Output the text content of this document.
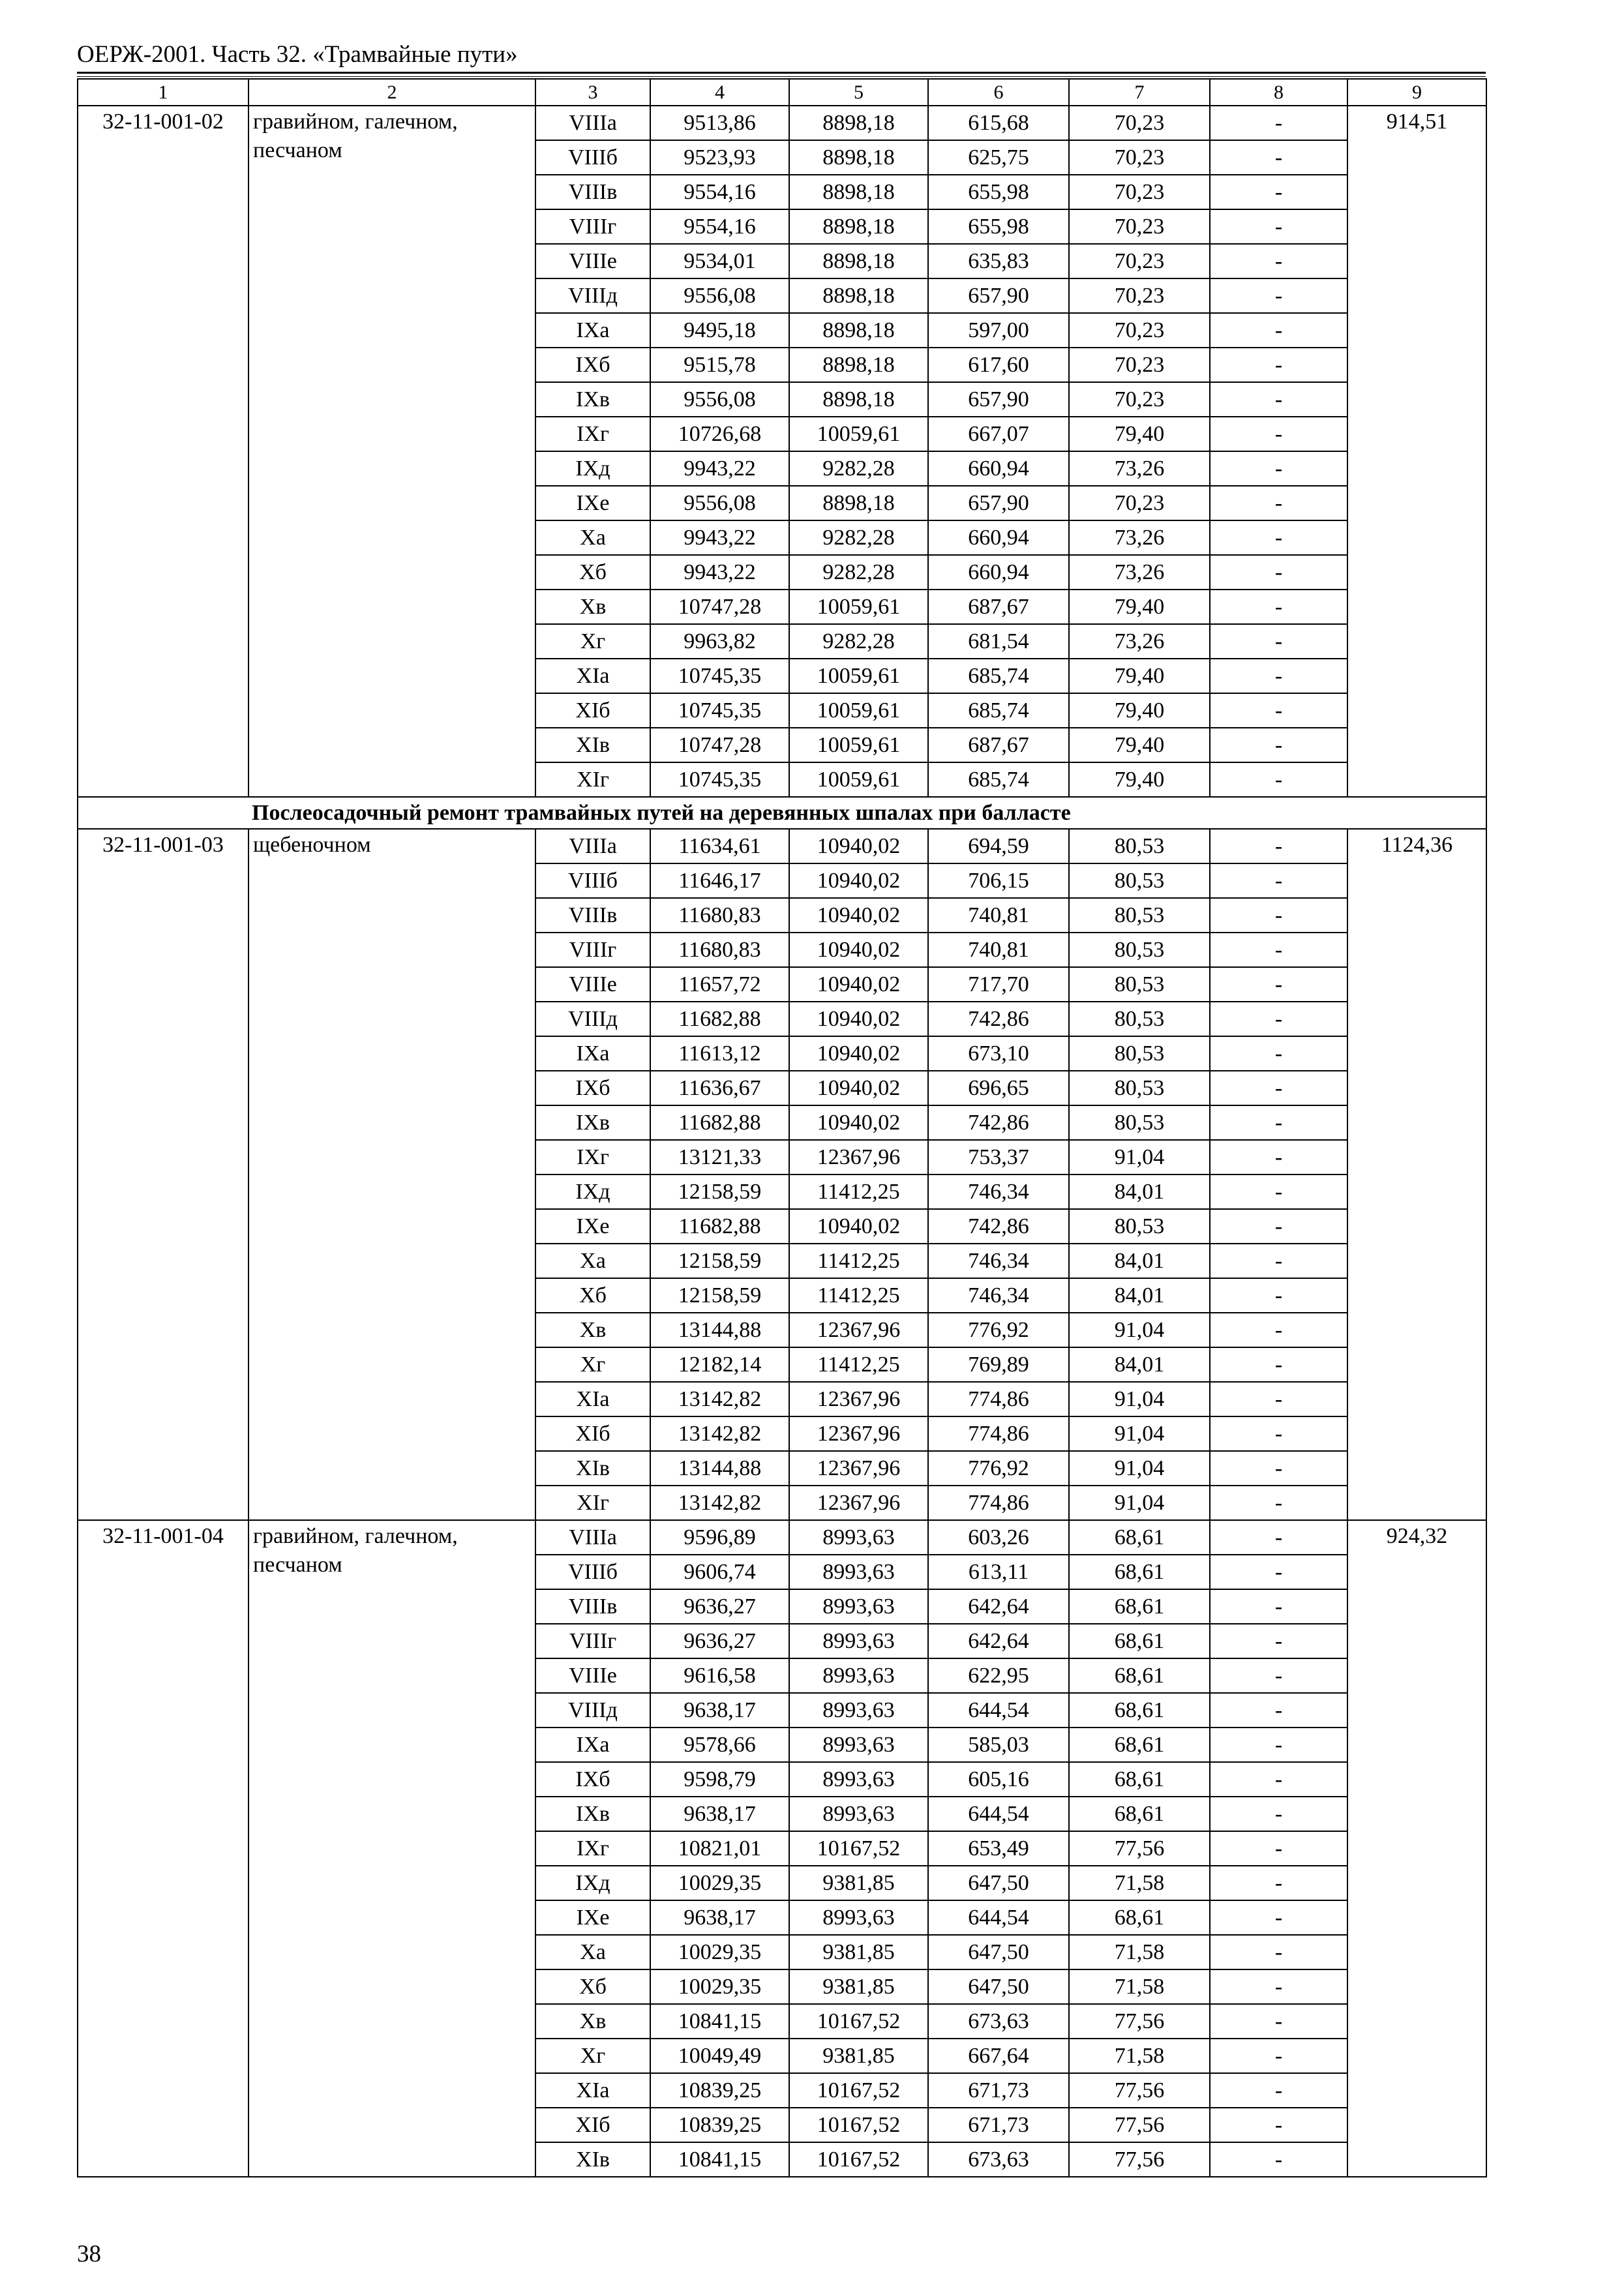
ОЕРЖ-2001. Часть 32. «Трамвайные пути»
1	2	3	4	5	6	7	8	9
32-11-001-02	гравийном, галечном, песчаном	VIIIа	9513,86	8898,18	615,68	70,23	-	914,51
		VIIIб	9523,93	8898,18	625,75	70,23	-	
		VIIIв	9554,16	8898,18	655,98	70,23	-	
		VIIIг	9554,16	8898,18	655,98	70,23	-	
		VIIIе	9534,01	8898,18	635,83	70,23	-	
		VIIIд	9556,08	8898,18	657,90	70,23	-	
		IXа	9495,18	8898,18	597,00	70,23	-	
		IXб	9515,78	8898,18	617,60	70,23	-	
		IXв	9556,08	8898,18	657,90	70,23	-	
		IXг	10726,68	10059,61	667,07	79,40	-	
		IXд	9943,22	9282,28	660,94	73,26	-	
		IXе	9556,08	8898,18	657,90	70,23	-	
		Xа	9943,22	9282,28	660,94	73,26	-	
		Xб	9943,22	9282,28	660,94	73,26	-	
		Xв	10747,28	10059,61	687,67	79,40	-	
		Xг	9963,82	9282,28	681,54	73,26	-	
		XIа	10745,35	10059,61	685,74	79,40	-	
		XIб	10745,35	10059,61	685,74	79,40	-	
		XIв	10747,28	10059,61	687,67	79,40	-	
		XIг	10745,35	10059,61	685,74	79,40	-	
Послеосадочный ремонт трамвайных путей на деревянных шпалах при балласте								
32-11-001-03	щебеночном	VIIIа	11634,61	10940,02	694,59	80,53	-	1124,36
		VIIIб	11646,17	10940,02	706,15	80,53	-	
		VIIIв	11680,83	10940,02	740,81	80,53	-	
		VIIIг	11680,83	10940,02	740,81	80,53	-	
		VIIIе	11657,72	10940,02	717,70	80,53	-	
		VIIIд	11682,88	10940,02	742,86	80,53	-	
		IXа	11613,12	10940,02	673,10	80,53	-	
		IXб	11636,67	10940,02	696,65	80,53	-	
		IXв	11682,88	10940,02	742,86	80,53	-	
		IXг	13121,33	12367,96	753,37	91,04	-	
		IXд	12158,59	11412,25	746,34	84,01	-	
		IXе	11682,88	10940,02	742,86	80,53	-	
		Xа	12158,59	11412,25	746,34	84,01	-	
		Xб	12158,59	11412,25	746,34	84,01	-	
		Xв	13144,88	12367,96	776,92	91,04	-	
		Xг	12182,14	11412,25	769,89	84,01	-	
		XIа	13142,82	12367,96	774,86	91,04	-	
		XIб	13142,82	12367,96	774,86	91,04	-	
		XIв	13144,88	12367,96	776,92	91,04	-	
		XIг	13142,82	12367,96	774,86	91,04	-	
32-11-001-04	гравийном, галечном, песчаном	VIIIа	9596,89	8993,63	603,26	68,61	-	924,32
		VIIIб	9606,74	8993,63	613,11	68,61	-	
		VIIIв	9636,27	8993,63	642,64	68,61	-	
		VIIIг	9636,27	8993,63	642,64	68,61	-	
		VIIIе	9616,58	8993,63	622,95	68,61	-	
		VIIIд	9638,17	8993,63	644,54	68,61	-	
		IXа	9578,66	8993,63	585,03	68,61	-	
		IXб	9598,79	8993,63	605,16	68,61	-	
		IXв	9638,17	8993,63	644,54	68,61	-	
		IXг	10821,01	10167,52	653,49	77,56	-	
		IXд	10029,35	9381,85	647,50	71,58	-	
		IXе	9638,17	8993,63	644,54	68,61	-	
		Xа	10029,35	9381,85	647,50	71,58	-	
		Xб	10029,35	9381,85	647,50	71,58	-	
		Xв	10841,15	10167,52	673,63	77,56	-	
		Xг	10049,49	9381,85	667,64	71,58	-	
		XIа	10839,25	10167,52	671,73	77,56	-	
		XIб	10839,25	10167,52	671,73	77,56	-	
		XIв	10841,15	10167,52	673,63	77,56	-	
38
